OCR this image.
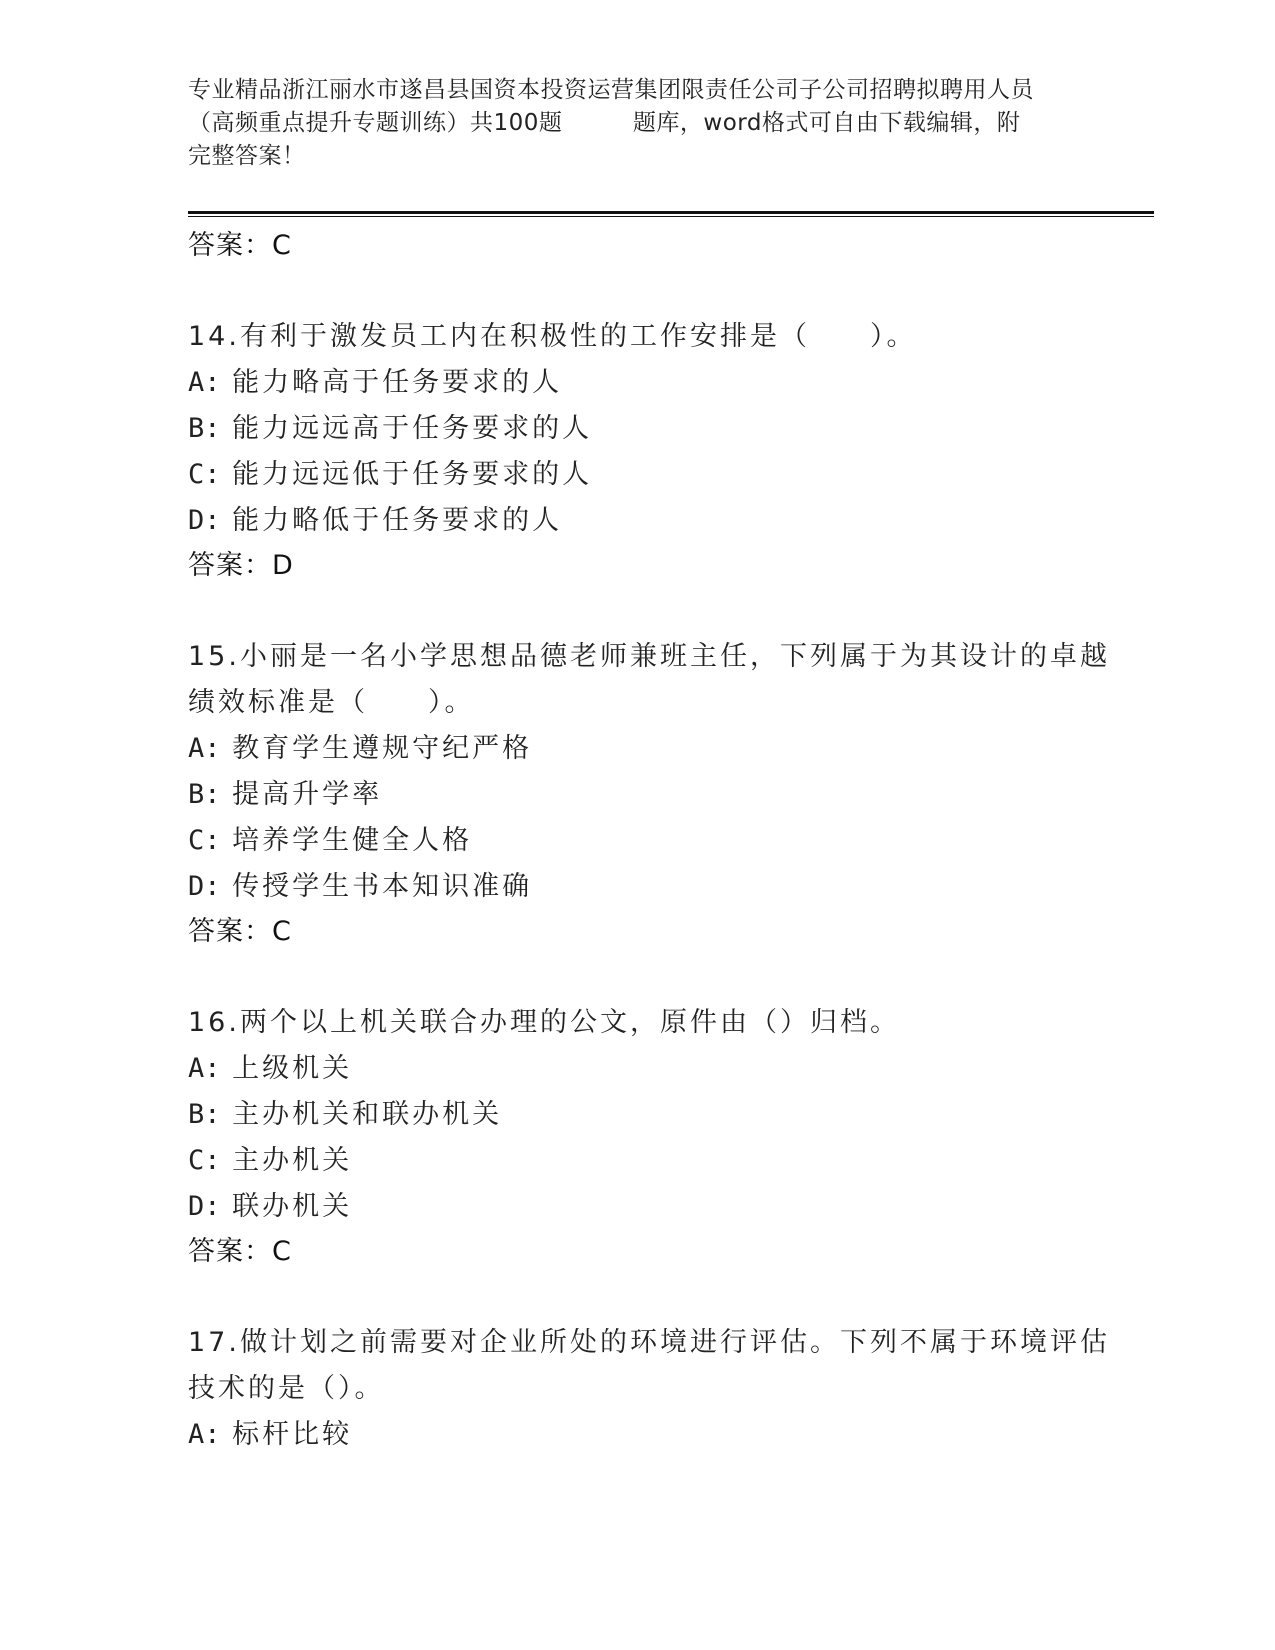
专业精品浙江丽水市遂昌县国资本投资运营集团限责任公司子公司招聘拟聘用人员
（高频重点提升专题训练）共100题　　　题库，word格式可自由下载编辑，附
完整答案！
答案：C
14.有利于激发员工内在积极性的工作安排是（　　）。
A: 能力略高于任务要求的人
B: 能力远远高于任务要求的人
C: 能力远远低于任务要求的人
D: 能力略低于任务要求的人
答案：D
15.小丽是一名小学思想品德老师兼班主任，下列属于为其设计的卓越
绩效标准是（　　）。
A: 教育学生遵规守纪严格
B: 提高升学率
C: 培养学生健全人格
D: 传授学生书本知识准确
答案：C
16.两个以上机关联合办理的公文，原件由（）归档。
A: 上级机关
B: 主办机关和联办机关
C: 主办机关
D: 联办机关
答案：C
17.做计划之前需要对企业所处的环境进行评估。下列不属于环境评估
技术的是（）。
A: 标杆比较
